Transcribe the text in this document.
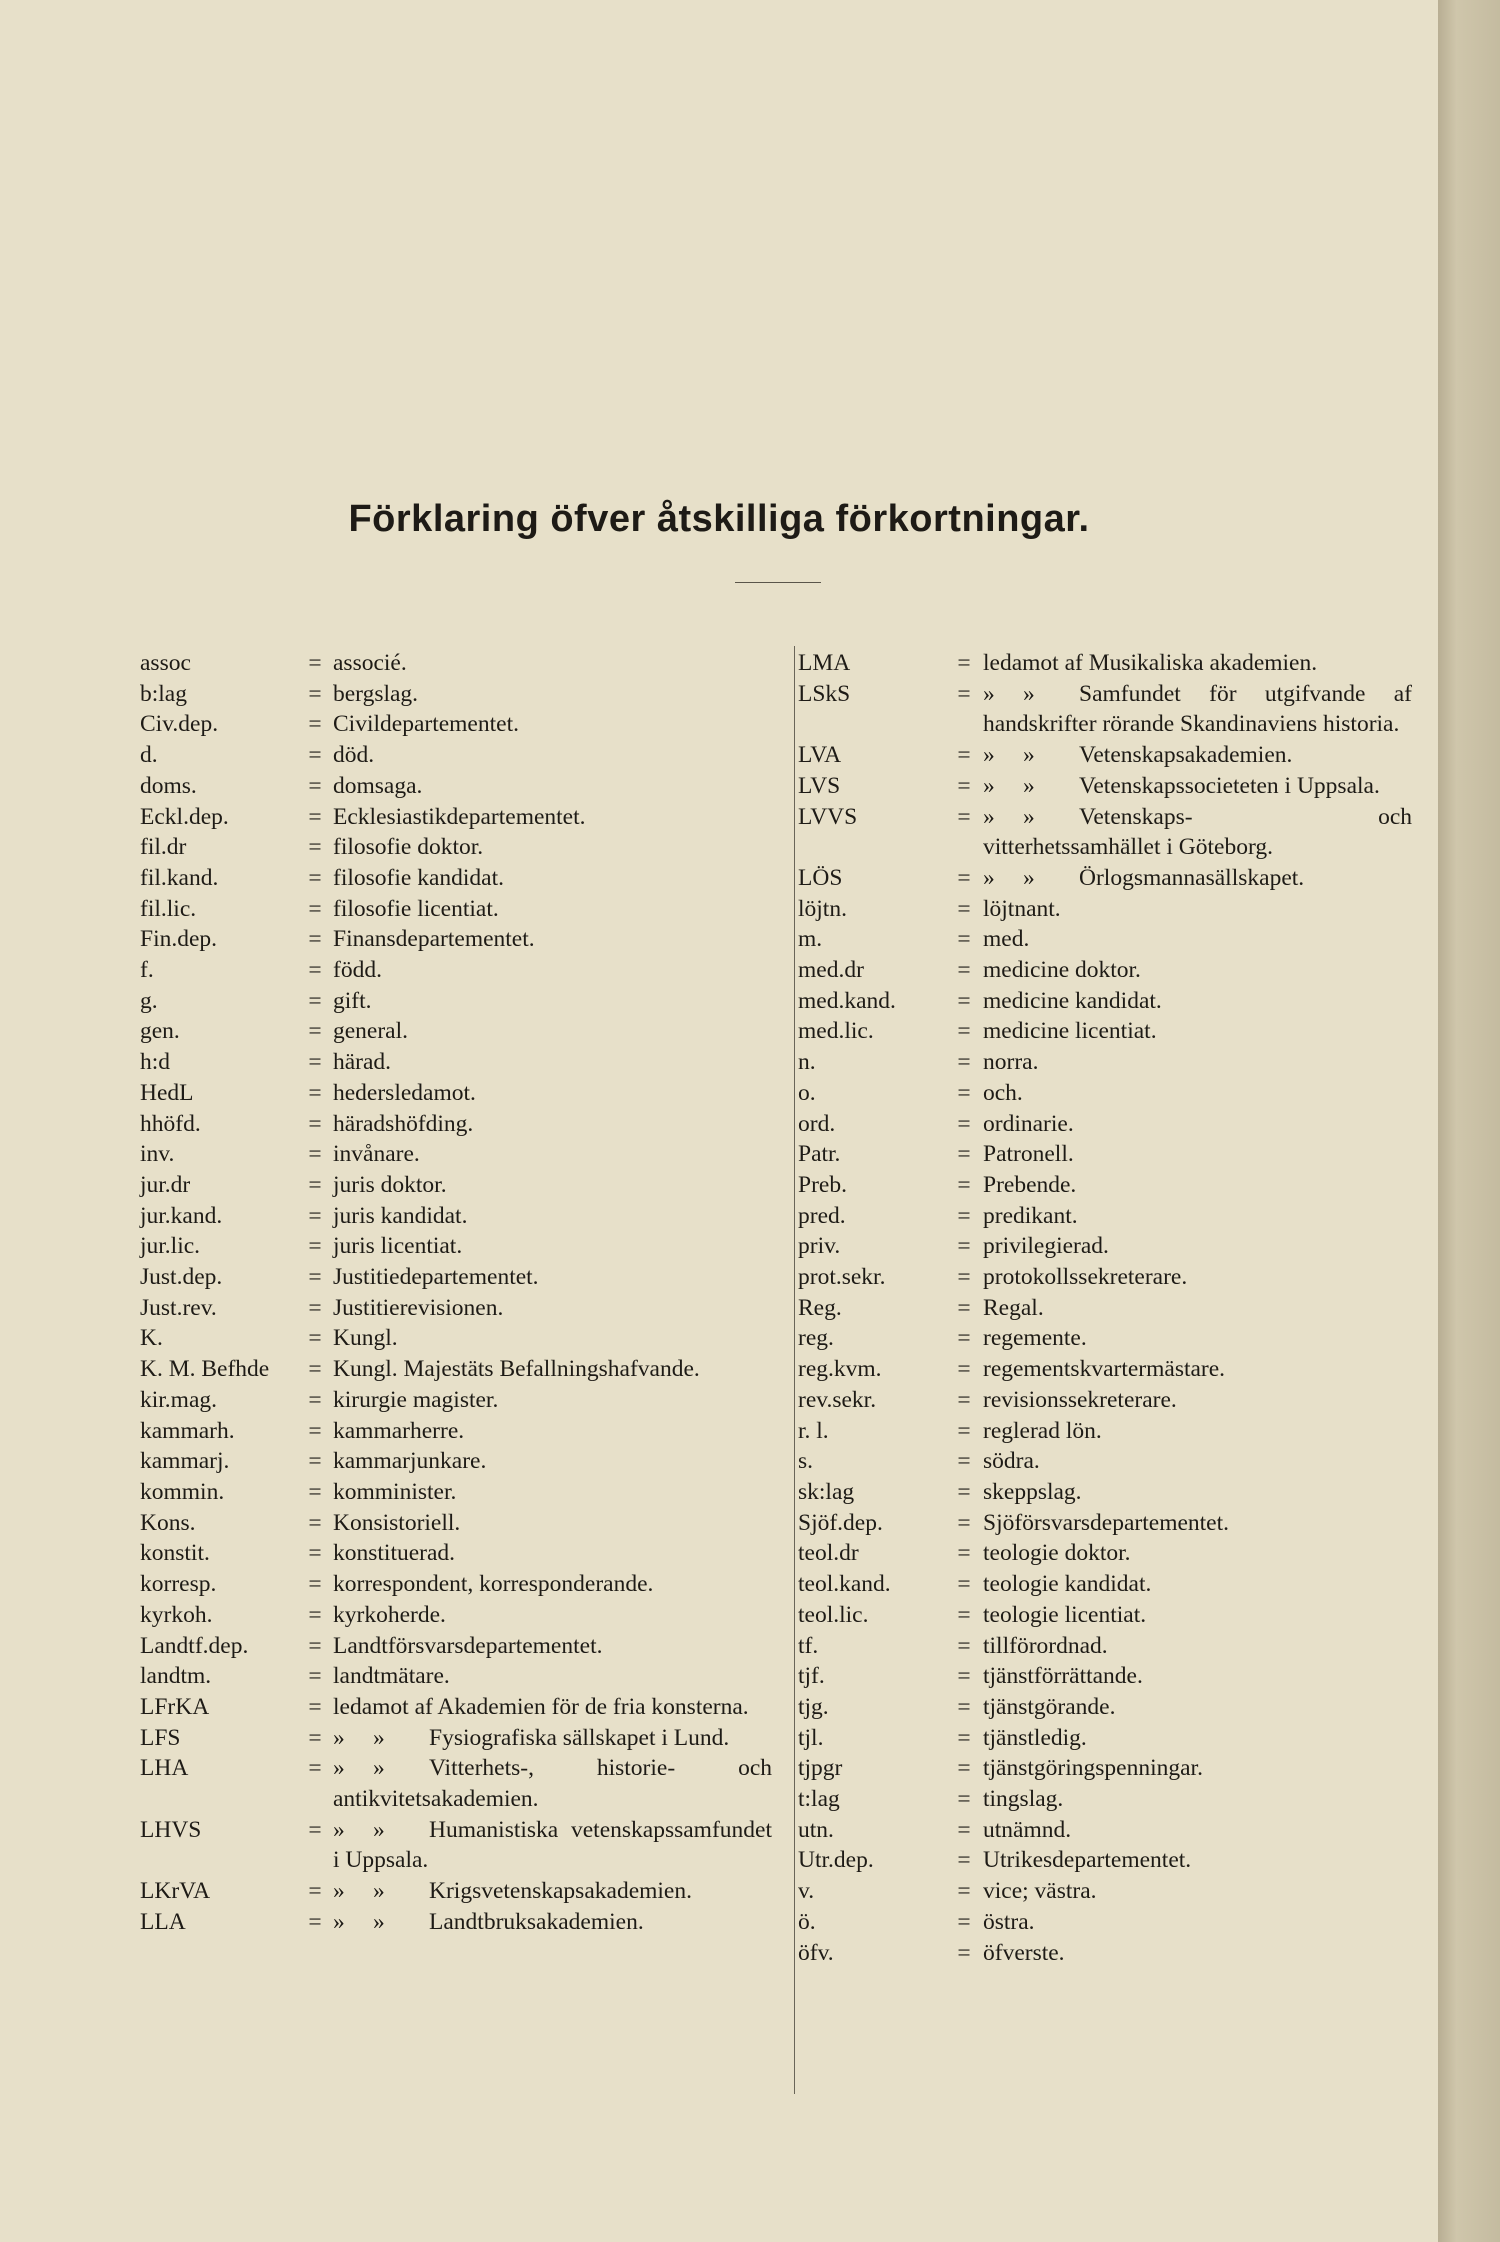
Förklaring öfver åtskilliga förkortningar.
assoc	= associé.
b:lag	= bergslag.
Civ.dep.	= Civildepartementet.
d.	= död.
doms.	= domsaga.
Eckl.dep.	= Ecklesiastikdepartementet.
fil.dr	= filosofie doktor.
fil.kand.	= filosofie kandidat.
fil.lic.	= filosofie licentiat.
Fin.dep.	= Finansdepartementet.
f.	= född.
g.	= gift.
gen.	= general.
h:d	= härad.
HedL	= hedersledamot.
hhöfd.	= häradshöfding.
inv.	= invånare.
jur.dr	= juris doktor.
jur.kand.	= juris kandidat.
jur.lic.	= juris licentiat.
Just.dep.	= Justitiedepartementet.
Just.rev.	= Justitierevisionen.
K.	= Kungl.
K. M. Befhde	= Kungl. Majestäts Befallningshafvande.
kir.mag.	= kirurgie magister.
kammarh.	= kammarherre.
kammarj.	= kammarjunkare.
kommin.	= komminister.
Kons.	= Konsistoriell.
konstit.	= konstituerad.
korresp.	= korrespondent, korresponderande.
kyrkoh.	= kyrkoherde.
Landtf.dep.	= Landtförsvarsdepartementet.
landtm.	= landtmätare.
LFrKA	= ledamot af Akademien för de fria konsterna.
LFS	= » » Fysiografiska sällskapet i Lund.
LHA	= » » Vitterhets-, historie- och antikvitetsakademien.
LHVS	= » » Humanistiska vetenskapssamfundet i Uppsala.
LKrVA	= » » Krigsvetenskapsakademien.
LLA	= » » Landtbruksakademien.
LMA	= ledamot af Musikaliska akademien.
LSkS	= » » Samfundet för utgifvande af handskrifter rörande Skandinaviens historia.
LVA	= » » Vetenskapsakademien.
LVS	= » » Vetenskapssocieteten i Uppsala.
LVVS	= » » Vetenskaps- och vitterhetssamhället i Göteborg.
LÖS	= » » Örlogsmannasällskapet.
löjtn.	= löjtnant.
m.	= med.
med.dr	= medicine doktor.
med.kand.	= medicine kandidat.
med.lic.	= medicine licentiat.
n.	= norra.
o.	= och.
ord.	= ordinarie.
Patr.	= Patronell.
Preb.	= Prebende.
pred.	= predikant.
priv.	= privilegierad.
prot.sekr.	= protokollssekreterare.
Reg.	= Regal.
reg.	= regemente.
reg.kvm.	= regementskvartermästare.
rev.sekr.	= revisionssekreterare.
r. l.	= reglerad lön.
s.	= södra.
sk:lag	= skeppslag.
Sjöf.dep.	= Sjöförsvarsdepartementet.
teol.dr	= teologie doktor.
teol.kand.	= teologie kandidat.
teol.lic.	= teologie licentiat.
tf.	= tillförordnad.
tjf.	= tjänstförrättande.
tjg.	= tjänstgörande.
tjl.	= tjänstledig.
tjpgr	= tjänstgöringspenningar.
t:lag	= tingslag.
utn.	= utnämnd.
Utr.dep.	= Utrikesdepartementet.
v.	= vice; västra.
ö.	= östra.
öfv.	= öfverste.
